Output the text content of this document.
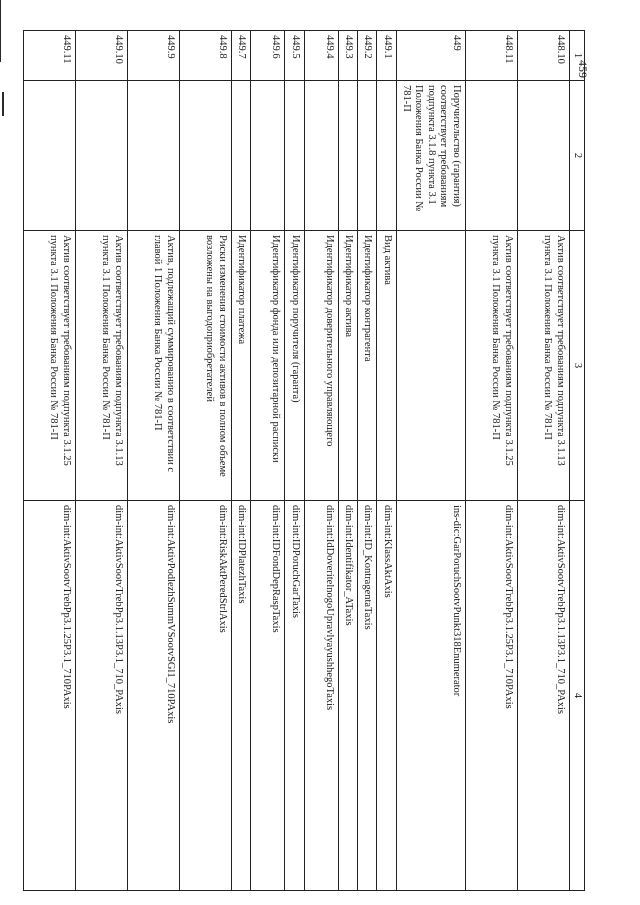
459
1	2	3	4
448.10		Актив соответствует требованиям подпункта 3.1.13 пункта 3.1 Положения Банка России № 781-П	dim-int:AktivSootvTrebPp3.1.13P3.1_710_PAxis
448.11		Актив соответствует требованиям подпункта 3.1.25 пункта 3.1 Положения Банка России № 781-П	dim-int:AktivSootvTrebPp3.1.25P3.1_710PAxis
449	Поручительство (гарантия) соответствует требованиям подпункта 3.1.8 пункта 3.1 Положения Банка России № 781-П		ins-dic:GarPoruchSootvPunkt318Enumerator
449.1		Вид актива	dim-int:KlassAktAxis
449.2		Идентификатор контрагента	dim-int:ID_KontragentaTaxis
449.3		Идентификатор актива	dim-int:Identifikator_ATaxis
449.4		Идентификатор доверительного управляющего	dim-int:IdDoveritelnogoUpravlyayushhegoTaxis
449.5		Идентификатор поручителя (гаранта)	dim-int:IDPoruchGarTaxis
449.6		Идентификатор фонда или депозитарной расписки	dim-int:IDFondDepRaspTaxis
449.7		Идентификатор платежа	dim-int:IDPlatezhTaxis
449.8		Риски изменения стоимости активов в полном объеме возложены на выгодоприобретателей	dim-int:RiskAktPeredStrlAxis
449.9		Актив, подлежащий суммированию в соответствии с главой 1 Положения Банка России № 781-П	dim-int:AktivPodlezhSummVSootvSGl1_710PAxis
449.10		Актив соответствует требованиям подпункта 3.1.13 пункта 3.1 Положения Банка России № 781-П	dim-int:AktivSootvTrebPp3.1.13P3.1_710_PAxis
449.11		Актив соответствует требованиям подпункта 3.1.25 пункта 3.1 Положения Банка России № 781-П	dim-int:AktivSootvTrebPp3.1.25P3.1_710PAxis
